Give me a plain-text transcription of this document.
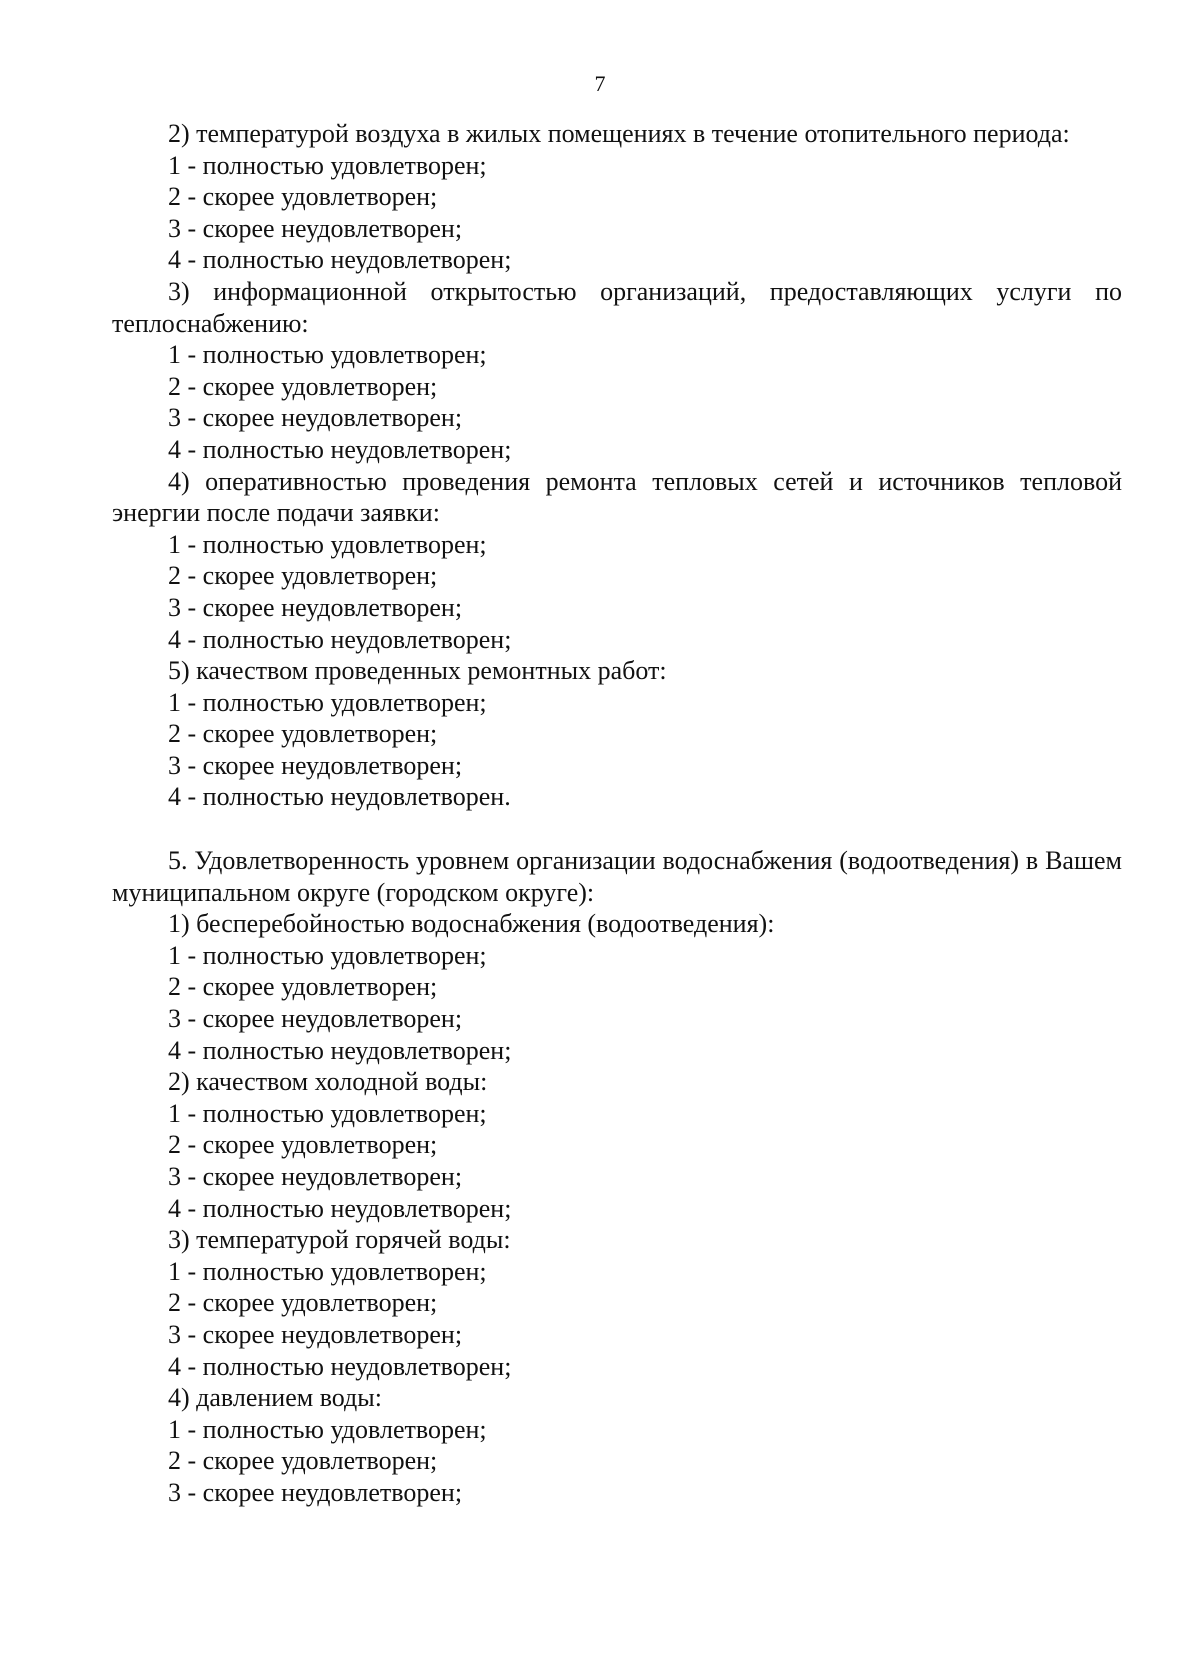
7

2) температурой воздуха в жилых помещениях в течение отопительного периода:

1 - полностью удовлетворен;

2 - скорее удовлетворен;

3 - скорее неудовлетворен;

4 - полностью неудовлетворен;

3) информационной открытостью организаций, предоставляющих услуги по теплоснабжению:

1 - полностью удовлетворен;

2 - скорее удовлетворен;

3 - скорее неудовлетворен;

4 - полностью неудовлетворен;

4) оперативностью проведения ремонта тепловых сетей и источников тепловой энергии после подачи заявки:

1 - полностью удовлетворен;

2 - скорее удовлетворен;

3 - скорее неудовлетворен;

4 - полностью неудовлетворен;

5) качеством проведенных ремонтных работ:

1 - полностью удовлетворен;

2 - скорее удовлетворен;

3 - скорее неудовлетворен;

4 - полностью неудовлетворен.

5. Удовлетворенность уровнем организации водоснабжения (водоотведения) в Вашем муниципальном округе (городском округе):

1) бесперебойностью водоснабжения (водоотведения):

1 - полностью удовлетворен;

2 - скорее удовлетворен;

3 - скорее неудовлетворен;

4 - полностью неудовлетворен;

2) качеством холодной воды:

1 - полностью удовлетворен;

2 - скорее удовлетворен;

3 - скорее неудовлетворен;

4 - полностью неудовлетворен;

3) температурой горячей воды:

1 - полностью удовлетворен;

2 - скорее удовлетворен;

3 - скорее неудовлетворен;

4 - полностью неудовлетворен;

4) давлением воды:

1 - полностью удовлетворен;

2 - скорее удовлетворен;

3 - скорее неудовлетворен;
